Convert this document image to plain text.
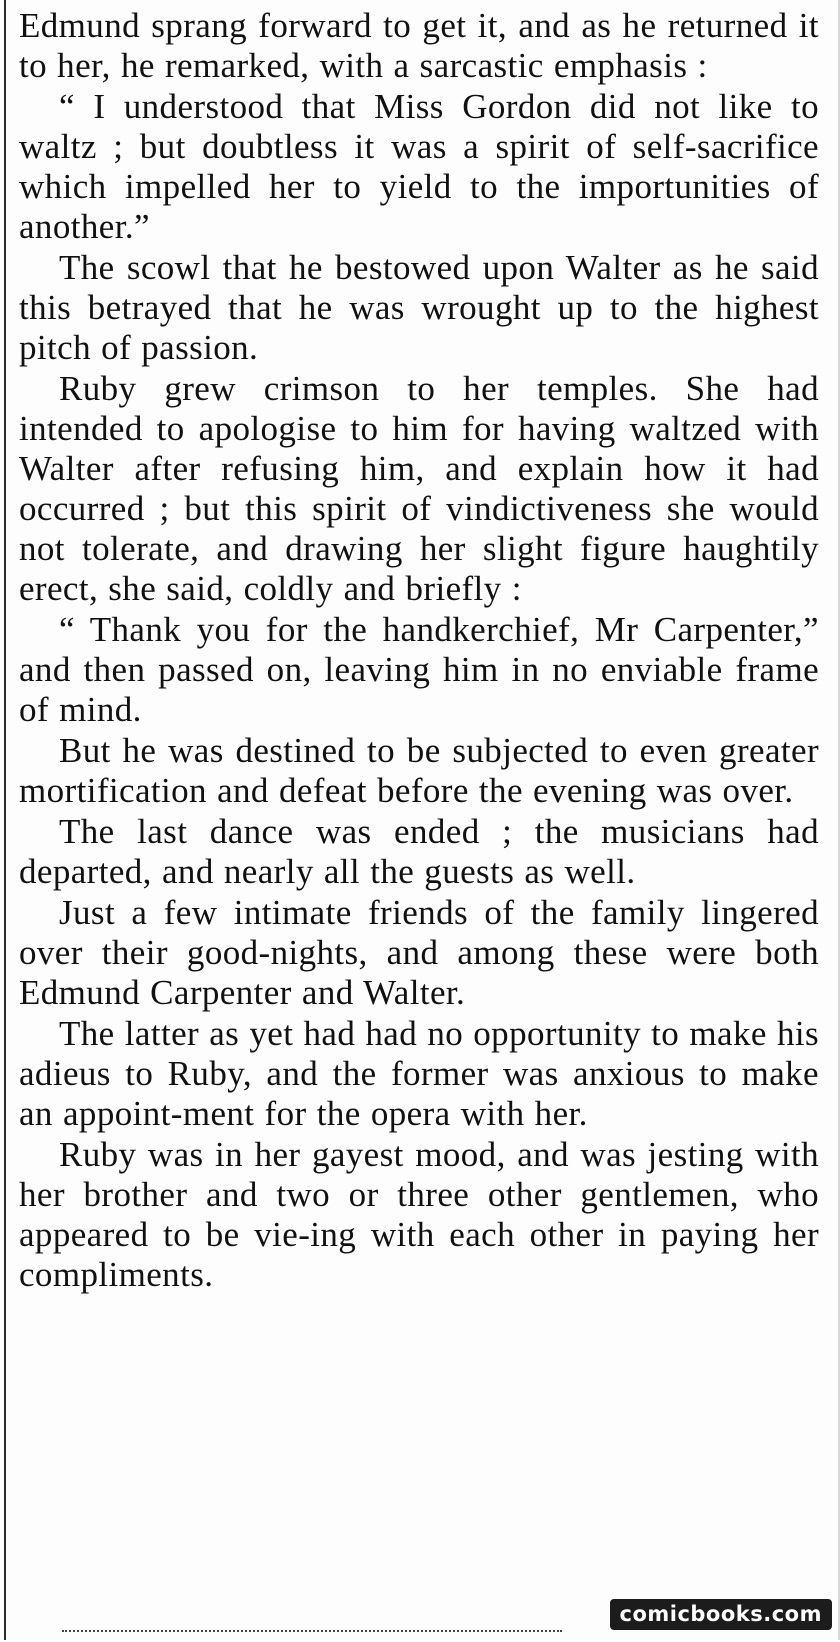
Edmund sprang forward to get it, and as he returned it to her, he remarked, with a sarcastic emphasis :

“ I understood that Miss Gordon did not like to waltz ; but doubtless it was a spirit of self-sacrifice which impelled her to yield to the importunities of another.”

The scowl that he bestowed upon Walter as he said this betrayed that he was wrought up to the highest pitch of passion.

Ruby grew crimson to her temples. She had intended to apologise to him for having waltzed with Walter after refusing him, and explain how it had occurred ; but this spirit of vindictiveness she would not tolerate, and drawing her slight figure haughtily erect, she said, coldly and briefly :

“ Thank you for the handkerchief, Mr Carpenter,” and then passed on, leaving him in no enviable frame of mind.

But he was destined to be subjected to even greater mortification and defeat before the evening was over.

The last dance was ended ; the musicians had departed, and nearly all the guests as well.

Just a few intimate friends of the family lingered over their good-nights, and among these were both Edmund Carpenter and Walter.

The latter as yet had had no opportunity to make his adieus to Ruby, and the former was anxious to make an appoint-ment for the opera with her.

Ruby was in her gayest mood, and was jesting with her brother and two or three other gentlemen, who appeared to be vie-ing with each other in paying her compliments.

comicbooks.com
